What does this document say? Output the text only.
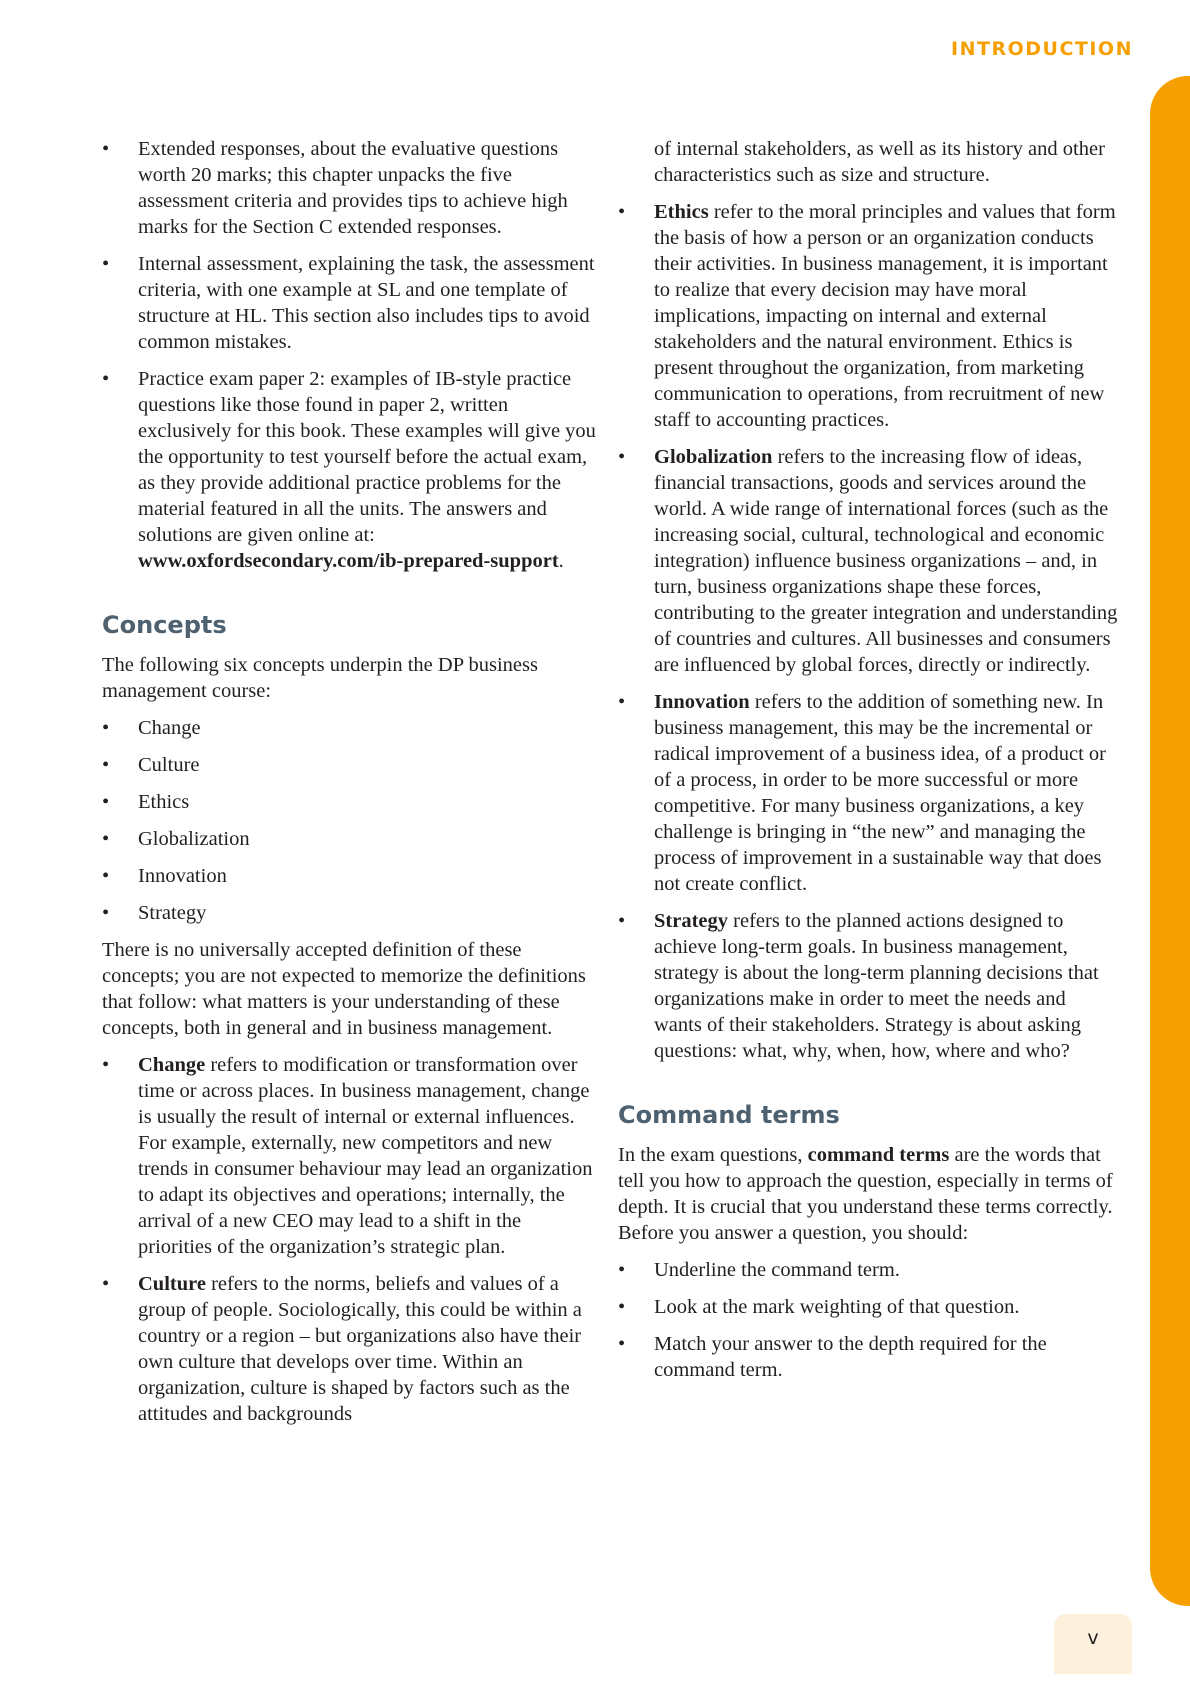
INTRODUCTION
• Extended responses, about the evaluative questions worth 20 marks; this chapter unpacks the five assessment criteria and provides tips to achieve high marks for the Section C extended responses.
• Internal assessment, explaining the task, the assessment criteria, with one example at SL and one template of structure at HL. This section also includes tips to avoid common mistakes.
• Practice exam paper 2: examples of IB-style practice questions like those found in paper 2, written exclusively for this book. These examples will give you the opportunity to test yourself before the actual exam, as they provide additional practice problems for the material featured in all the units. The answers and solutions are given online at: www.oxfordsecondary.com/ib-prepared-support.
Concepts

The following six concepts underpin the DP business management course:

• Change
• Culture
• Ethics
• Globalization
• Innovation
• Strategy

There is no universally accepted definition of these concepts; you are not expected to memorize the definitions that follow: what matters is your understanding of these concepts, both in general and in business management.

• Change refers to modification or transformation over time or across places. In business management, change is usually the result of internal or external influences. For example, externally, new competitors and new trends in consumer behaviour may lead an organization to adapt its objectives and operations; internally, the arrival of a new CEO may lead to a shift in the priorities of the organization’s strategic plan.
• Culture refers to the norms, beliefs and values of a group of people. Sociologically, this could be within a country or a region – but organizations also have their own culture that develops over time. Within an organization, culture is shaped by factors such as the attitudes and backgrounds

of internal stakeholders, as well as its history and other characteristics such as size and structure.

• Ethics refer to the moral principles and values that form the basis of how a person or an organization conducts their activities. In business management, it is important to realize that every decision may have moral implications, impacting on internal and external stakeholders and the natural environment. Ethics is present throughout the organization, from marketing communication to operations, from recruitment of new staff to accounting practices.
• Globalization refers to the increasing flow of ideas, financial transactions, goods and services around the world. A wide range of international forces (such as the increasing social, cultural, technological and economic integration) influence business organizations – and, in turn, business organizations shape these forces, contributing to the greater integration and understanding of countries and cultures. All businesses and consumers are influenced by global forces, directly or indirectly.
• Innovation refers to the addition of something new. In business management, this may be the incremental or radical improvement of a business idea, of a product or of a process, in order to be more successful or more competitive. For many business organizations, a key challenge is bringing in “the new” and managing the process of improvement in a sustainable way that does not create conflict.
• Strategy refers to the planned actions designed to achieve long-term goals. In business management, strategy is about the long-term planning decisions that organizations make in order to meet the needs and wants of their stakeholders. Strategy is about asking questions: what, why, when, how, where and who?
Command terms

In the exam questions, command terms are the words that tell you how to approach the question, especially in terms of depth. It is crucial that you understand these terms correctly. Before you answer a question, you should:

• Underline the command term.
• Look at the mark weighting of that question.
• Match your answer to the depth required for the command term.
v
